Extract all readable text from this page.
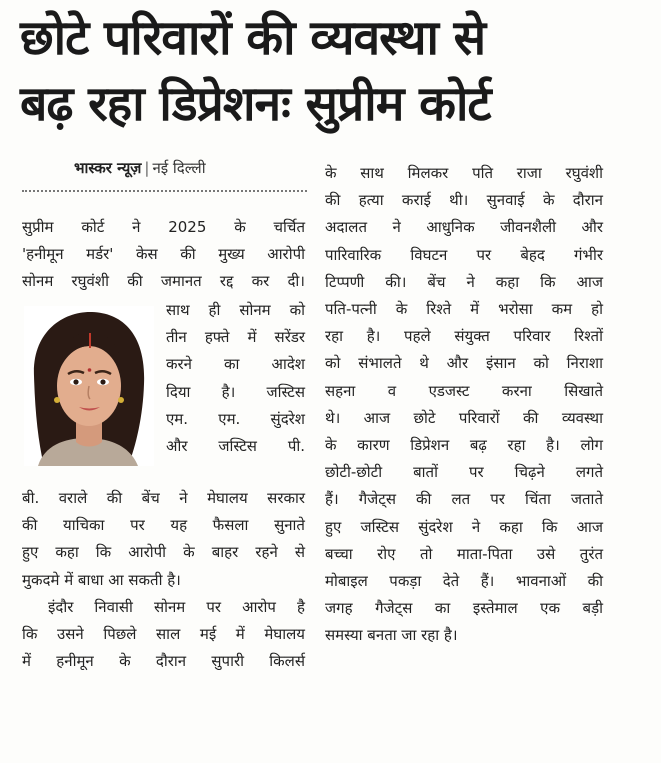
छोटे परिवारों की व्यवस्था से
बढ़ रहा डिप्रेशनः सुप्रीम कोर्ट
भास्कर न्यूज़ | नई दिल्ली
सुप्रीम कोर्ट ने 2025 के चर्चित
'हनीमून मर्डर' केस की मुख्य आरोपी
सोनम रघुवंशी की जमानत रद्द कर दी।
साथ ही सोनम को
तीन हफ्ते में सरेंडर
करने का आदेश
दिया है। जस्टिस
एम. एम. सुंदरेश
और जस्टिस पी.
बी. वराले की बेंच ने मेघालय सरकार
की याचिका पर यह फैसला सुनाते
हुए कहा कि आरोपी के बाहर रहने से
मुकदमे में बाधा आ सकती है।
इंदौर निवासी सोनम पर आरोप है
कि उसने पिछले साल मई में मेघालय
में हनीमून के दौरान सुपारी किलर्स
के साथ मिलकर पति राजा रघुवंशी
की हत्या कराई थी। सुनवाई के दौरान
अदालत ने आधुनिक जीवनशैली और
पारिवारिक विघटन पर बेहद गंभीर
टिप्पणी की। बेंच ने कहा कि आज
पति-पत्नी के रिश्ते में भरोसा कम हो
रहा है। पहले संयुक्त परिवार रिश्तों
को संभालते थे और इंसान को निराशा
सहना व एडजस्ट करना सिखाते
थे। आज छोटे परिवारों की व्यवस्था
के कारण डिप्रेशन बढ़ रहा है। लोग
छोटी-छोटी बातों पर चिढ़ने लगते
हैं। गैजेट्स की लत पर चिंता जताते
हुए जस्टिस सुंदरेश ने कहा कि आज
बच्चा रोए तो माता-पिता उसे तुरंत
मोबाइल पकड़ा देते हैं। भावनाओं की
जगह गैजेट्स का इस्तेमाल एक बड़ी
समस्या बनता जा रहा है।
